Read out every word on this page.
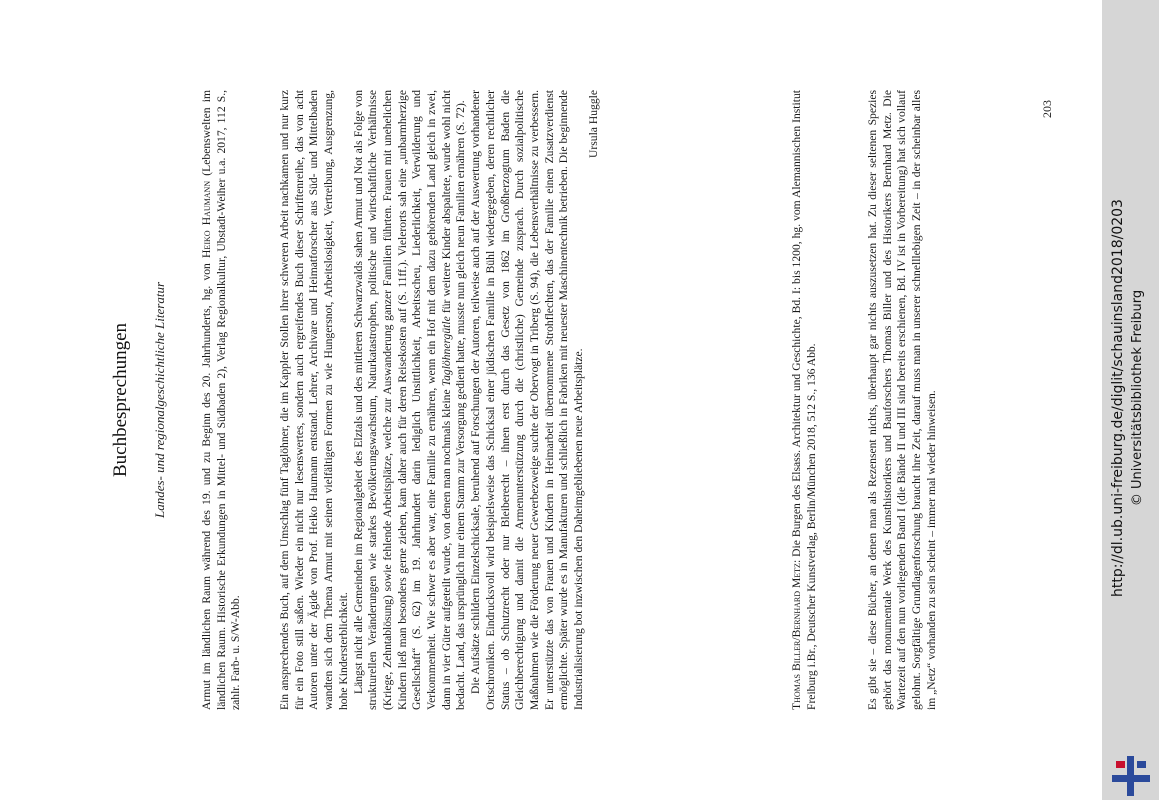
Buchbesprechungen Landes- und regionalgeschichtliche Literatur	Armut im ländlichen Raum während des 19. und zu Beginn des 20. Jahrhunderts, hg. von Heiko Haumann (Lebenswelten im ländlichen Raum. Historische Erkundungen in Mittel- und Südbaden 2), Verlag Regionalkultur, Ubstadt-Weiher u.a. 2017, 112 S., zahlr. Farb- u. S/W-Abb.	Ein ansprechendes Buch, auf dem Umschlag fünf Taglöhner, die im Kappler Stollen ihrer schweren Arbeit nachkamen und nur kurz für ein Foto still saßen. Wieder ein nicht nur lesenswertes, sondern auch ergreifendes Buch dieser Schriftenreihe, das von acht Autoren unter der Ägide von Prof. Heiko Haumann entstand. Lehrer, Archivare und Heimatforscher aus Süd- und Mittelbaden wandten sich dem Thema Armut mit seinen vielfältigen Formen zu wie Hungersnot, Arbeitslosigkeit, Vertreibung, Ausgrenzung, hohe Kindersterblichkeit. Längst nicht alle Gemeinden im Regionalgebiet des Elztals und des mittleren Schwarzwalds sahen Armut und Not als Folge von strukturellen Veränderungen wie starkes Bevölkerungswachstum, Naturkatastrophen, politische und wirtschaftliche Verhältnisse (Kriege, Zehntablösung) sowie fehlende Arbeitsplätze, welche zur Auswanderung ganzer Familien führten. Frauen mit unehelichen Kindern ließ man besonders gerne ziehen, kam daher auch für deren Reisekosten auf (S. 11ff.). Vielerorts sah eine „unbarmherzige Gesellschaft“ (S. 62) im 19. Jahrhundert darin lediglich Unsittlichkeit, Arbeitsscheu, Liederlichkeit, Verwilderung und Verkommenheit. Wie schwer es aber war, eine Familie zu ernähren, wenn ein Hof mit dem dazu gehörenden Land gleich in zwei, dann in vier Güter aufgeteilt wurde, von denen man nochmals kleine Taglöhnergütle für weitere Kinder abspaltete, wurde wohl nicht bedacht. Land, das ursprünglich nur einem Stamm zur Versorgung gedient hatte, musste nun gleich neun Familien ernähren (S. 72). Die Aufsätze schildern Einzelschicksale, beruhend auf Forschungen der Autoren, teilweise auch auf der Auswertung vorhandener Ortschroniken. Eindrucksvoll wird beispielsweise das Schicksal einer jüdischen Familie in Bühl wiedergegeben, deren rechtlicher Status – ob Schutzrecht oder nur Bleiberecht – ihnen erst durch das Gesetz von 1862 im Großherzogtum Baden die Gleichberechtigung und damit die Armenunterstützung durch die (christliche) Gemeinde zusprach. Durch sozialpolitische Maßnahmen wie die Förderung neuer Gewerbezweige suchte der Obervogt in Triberg (S. 94), die Lebensverhältnisse zu verbessern. Er unterstützte das von Frauen und Kindern in Heimarbeit übernommene Strohflechten, das der Familie einen Zusatzverdienst ermöglichte. Später wurde es in Manufakturen und schließlich in Fabriken mit neuester Maschinentechnik betrieben. Die beginnende Industrialisierung bot inzwischen den Daheimgebliebenen neue Arbeitsplätze.

Ursula Huggle

Thomas Biller/Bernhard Metz: Die Burgen des Elsass. Architektur und Geschichte, Bd. I: bis 1200, hg. vom Alemannischen Institut Freiburg i.Br., Deutscher Kunstverlag, Berlin/München 2018, 512 S., 136 Abb.	Es gibt sie – diese Bücher, an denen man als Rezensent nichts, überhaupt gar nichts auszusetzen hat. Zu dieser seltenen Spezies gehört das monumentale Werk des Kunsthistorikers und Bauforschers Thomas Biller und des Historikers Bernhard Metz. Die Wartezeit auf den nun vorliegenden Band I (die Bände II und III sind bereits erschienen, Bd. IV ist in Vorbereitung) hat sich vollauf gelohnt. Sorgfältige Grundlagenforschung braucht ihre Zeit, darauf muss man in unserer schnelllebigen Zeit – in der scheinbar alles im „Netz“ vorhanden zu sein scheint – immer mal wieder hinweisen.

203
http://dl.ub.uni-freiburg.de/diglit/schauinsland2018/0203 © Universitätsbibliothek Freiburg
